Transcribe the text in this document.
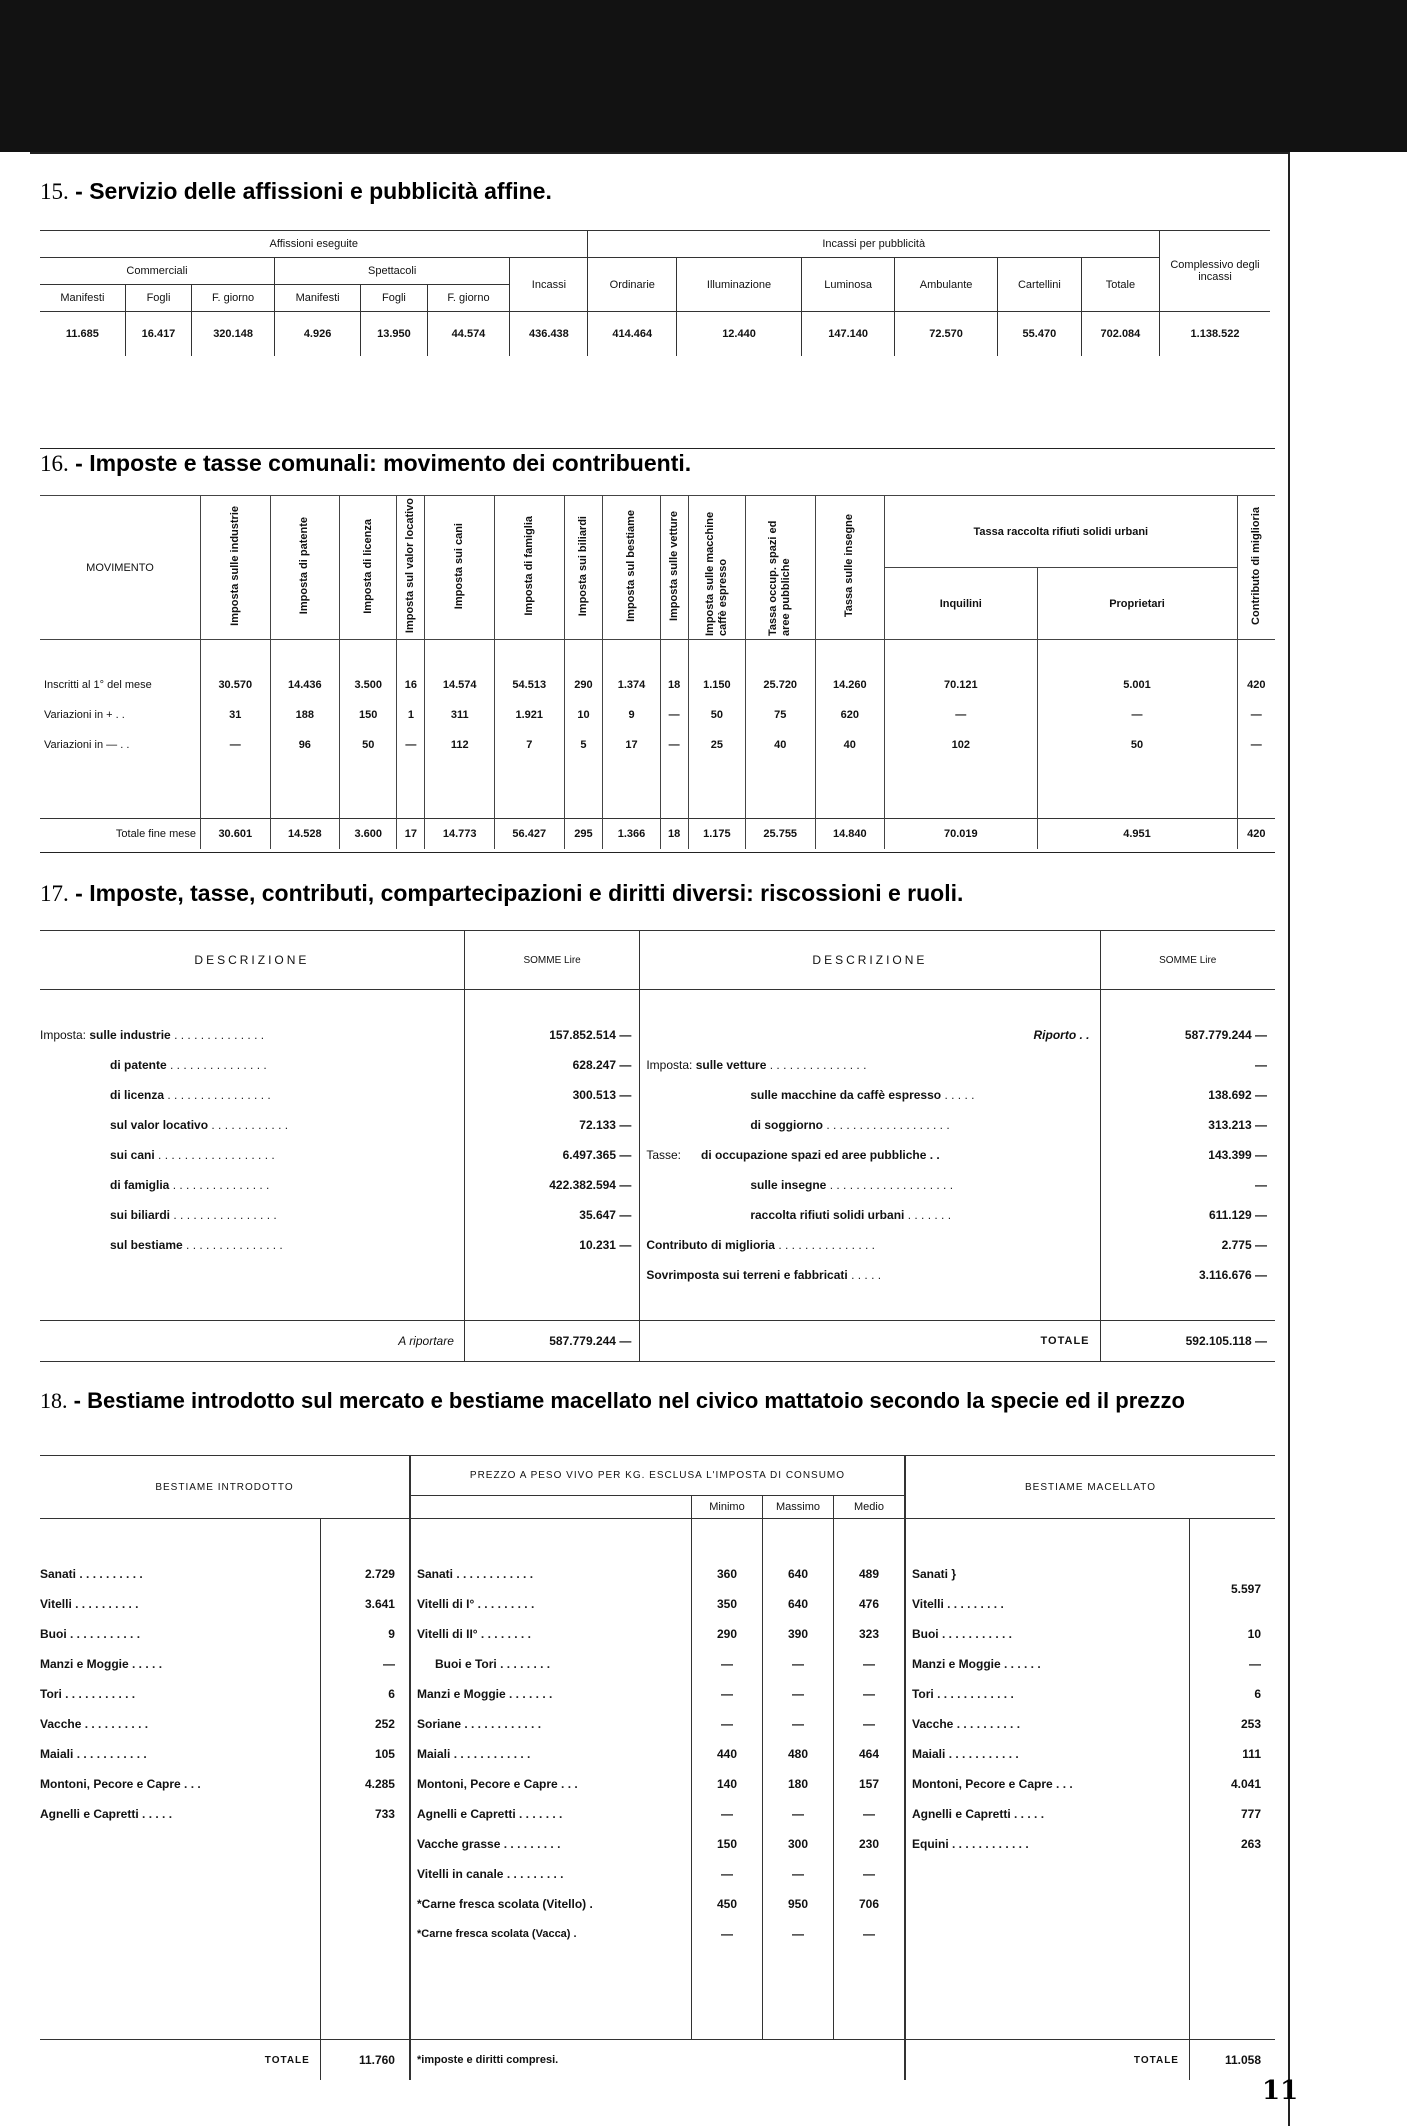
15. - Servizio delle affissioni e pubblicità affine.
Affissioni eseguite							Incassi per pubblicità						Complessivo degli incassi
Commerciali			Spettacoli			Incassi	Ordinarie	Illuminazione	Luminosa	Ambulante	Cartellini	Totale	
Manifesti	Fogli	F. giorno	Manifesti	Fogli	F. giorno								
11.685	16.417	320.148	4.926	13.950	44.574	436.438	414.464	12.440	147.140	72.570	55.470	702.084	1.138.522
16. - Imposte e tasse comunali: movimento dei contribuenti.
MOVIMENTO	Imposta sulle industrie	Imposta di patente	Imposta di licenza	Imposta sul valor locativo	Imposta sui cani	Imposta di famiglia	Imposta sui biliardi	Imposta sul bestiame	Imposta sulle vetture	Imposta sulle macchine caffè espresso	Tassa occup. spazi ed aree pubbliche	Tassa sulle insegne	Tassa raccolta rifiuti solidi urbani		Contributo di miglioria
													Inquilini	Proprietari	

Inscritti al 1° del mese	30.570	14.436	3.500	16	14.574	54.513	290	1.374	18	1.150	25.720	14.260	70.121	5.001	420
Variazioni in + . .	31	188	150	1	311	1.921	10	9	—	50	75	620	—	—	—
Variazioni in — . .	—	96	50	—	112	7	5	17	—	25	40	40	102	50	—

Totale fine mese	30.601	14.528	3.600	17	14.773	56.427	295	1.366	18	1.175	25.755	14.840	70.019	4.951	420
17. - Imposte, tasse, contributi, compartecipazioni e diritti diversi: riscossioni e ruoli.
DESCRIZIONE	SOMME Lire	DESCRIZIONE	SOMME Lire

Imposta: sulle industrie . . . . . . . . . . . . . .	157.852.514 —	Riporto . .	587.779.244 —
di patente . . . . . . . . . . . . . . .	628.247 —	Imposta: sulle vetture . . . . . . . . . . . . . . .	—
di licenza . . . . . . . . . . . . . . . .	300.513 —	sulle macchine da caffè espresso . . . . .	138.692 —
sul valor locativo . . . . . . . . . . . .	72.133 —	di soggiorno . . . . . . . . . . . . . . . . . . .	313.213 —
sui cani . . . . . . . . . . . . . . . . . .	6.497.365 —	Tasse: di occupazione spazi ed aree pubbliche . .	143.399 —
di famiglia . . . . . . . . . . . . . . .	422.382.594 —	sulle insegne . . . . . . . . . . . . . . . . . . .	—
sui biliardi . . . . . . . . . . . . . . . .	35.647 —	raccolta rifiuti solidi urbani . . . . . . .	611.129 —
sul bestiame . . . . . . . . . . . . . . .	10.231 —	Contributo di miglioria . . . . . . . . . . . . . . .	2.775 —
		Sovrimposta sui terreni e fabbricati . . . . .	3.116.676 —

A riportare	587.779.244 —	TOTALE	592.105.118 —
18. - Bestiame introdotto sul mercato e bestiame macellato nel civico mattatoio secondo la specie ed il prezzo
BESTIAME INTRODOTTO		PREZZO A PESO VIVO PER KG. ESCLUSA L'IMPOSTA DI CONSUMO				BESTIAME MACELLATO	
			Minimo	Massimo	Medio		

Sanati . . . . . . . . . .	2.729	Sanati . . . . . . . . . . . .	360	640	489	Sanati }	5.597
Vitelli . . . . . . . . . .	3.641	Vitelli di I° . . . . . . . . .	350	640	476	Vitelli . . . . . . . . .	
Buoi . . . . . . . . . . .	9	Vitelli di II° . . . . . . . .	290	390	323	Buoi . . . . . . . . . . .	10
Manzi e Moggie . . . . .	—	Buoi e Tori . . . . . . . .	—	—	—	Manzi e Moggie . . . . . .	—
Tori . . . . . . . . . . .	6	Manzi e Moggie . . . . . . .	—	—	—	Tori . . . . . . . . . . . .	6
Vacche . . . . . . . . . .	252	Soriane . . . . . . . . . . . .	—	—	—	Vacche . . . . . . . . . .	253
Maiali . . . . . . . . . . .	105	Maiali . . . . . . . . . . . .	440	480	464	Maiali . . . . . . . . . . .	111
Montoni, Pecore e Capre . . .	4.285	Montoni, Pecore e Capre . . .	140	180	157	Montoni, Pecore e Capre . . .	4.041
Agnelli e Capretti . . . . .	733	Agnelli e Capretti . . . . . . .	—	—	—	Agnelli e Capretti . . . . .	777
		Vacche grasse . . . . . . . . .	150	300	230	Equini . . . . . . . . . . . .	263
		Vitelli in canale . . . . . . . . .	—	—	—		
		*Carne fresca scolata (Vitello) .	450	950	706		
		*Carne fresca scolata (Vacca) .	—	—	—		

TOTALE	11.760	*imposte e diritti compresi.				TOTALE	11.058
11
